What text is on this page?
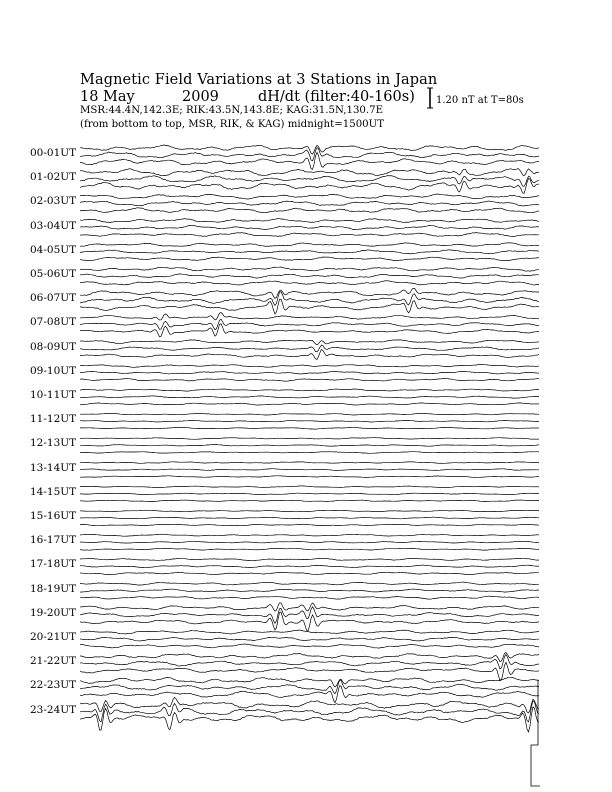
Magnetic Field Variations at 3 Stations in Japan
18 May	2009	dH/dt (filter:40-160s)
MSR:44.4N,142.3E; RIK:43.5N,143.8E; KAG:31.5N,130.7E
(from bottom to top, MSR, RIK, & KAG) midnight=1500UT
1.20 nT at T=80s
00-01UT
01-02UT
02-03UT
03-04UT
04-05UT
05-06UT
06-07UT
07-08UT
08-09UT
09-10UT
10-11UT
11-12UT
12-13UT
13-14UT
14-15UT
15-16UT
16-17UT
17-18UT
18-19UT
19-20UT
20-21UT
21-22UT
22-23UT
23-24UT
